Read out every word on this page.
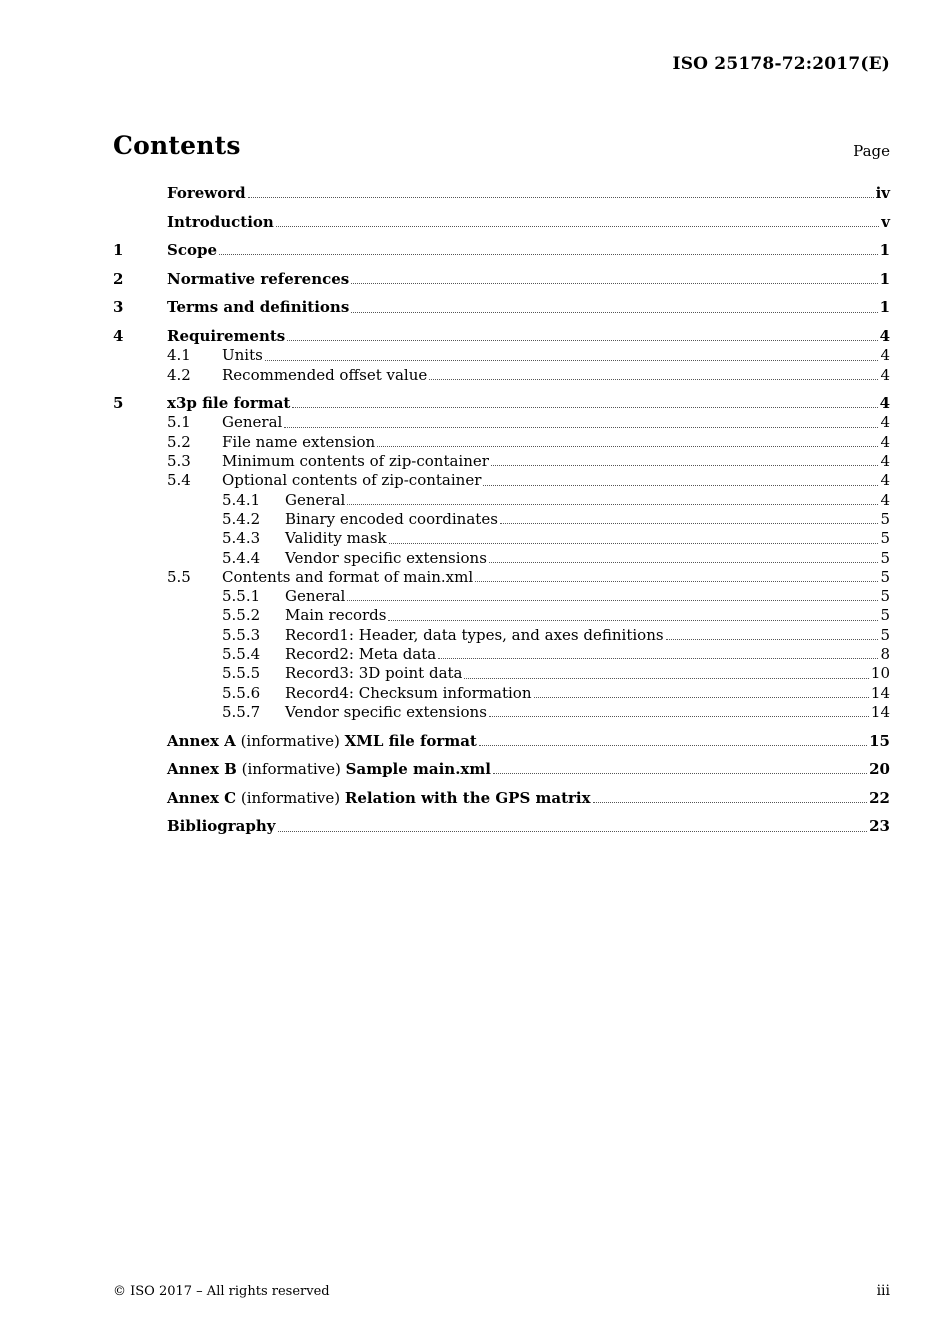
ISO 25178-72:2017(E)
Contents	Page
Foreword	iv
Introduction	v
1	Scope	1
2	Normative references	1
3	Terms and definitions	1
4	Requirements	4
4.1	Units	4
4.2	Recommended offset value	4
5	x3p file format	4
5.1	General	4
5.2	File name extension	4
5.3	Minimum contents of zip-container	4
5.4	Optional contents of zip-container	4
5.4.1	General	4
5.4.2	Binary encoded coordinates	5
5.4.3	Validity mask	5
5.4.4	Vendor specific extensions	5
5.5	Contents and format of main.xml	5
5.5.1	General	5
5.5.2	Main records	5
5.5.3	Record1: Header, data types, and axes definitions	5
5.5.4	Record2: Meta data	8
5.5.5	Record3: 3D point data	10
5.5.6	Record4: Checksum information	14
5.5.7	Vendor specific extensions	14
Annex A (informative) XML file format	15
Annex B (informative) Sample main.xml	20
Annex C (informative) Relation with the GPS matrix	22
Bibliography	23
© ISO 2017 – All rights reserved	iii
